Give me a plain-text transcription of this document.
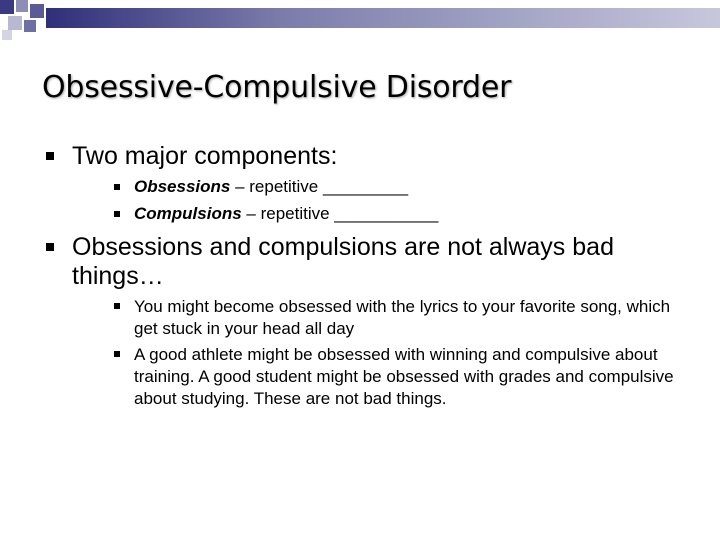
Obsessive-Compulsive Disorder
Two major components:
Obsessions – repetitive _________
Compulsions – repetitive ___________
Obsessions and compulsions are not always bad
things…
You might become obsessed with the lyrics to your favorite song, which get stuck in your head all day
A good athlete might be obsessed with winning and compulsive about training. A good student might be obsessed with grades and compulsive about studying. These are not bad things.
